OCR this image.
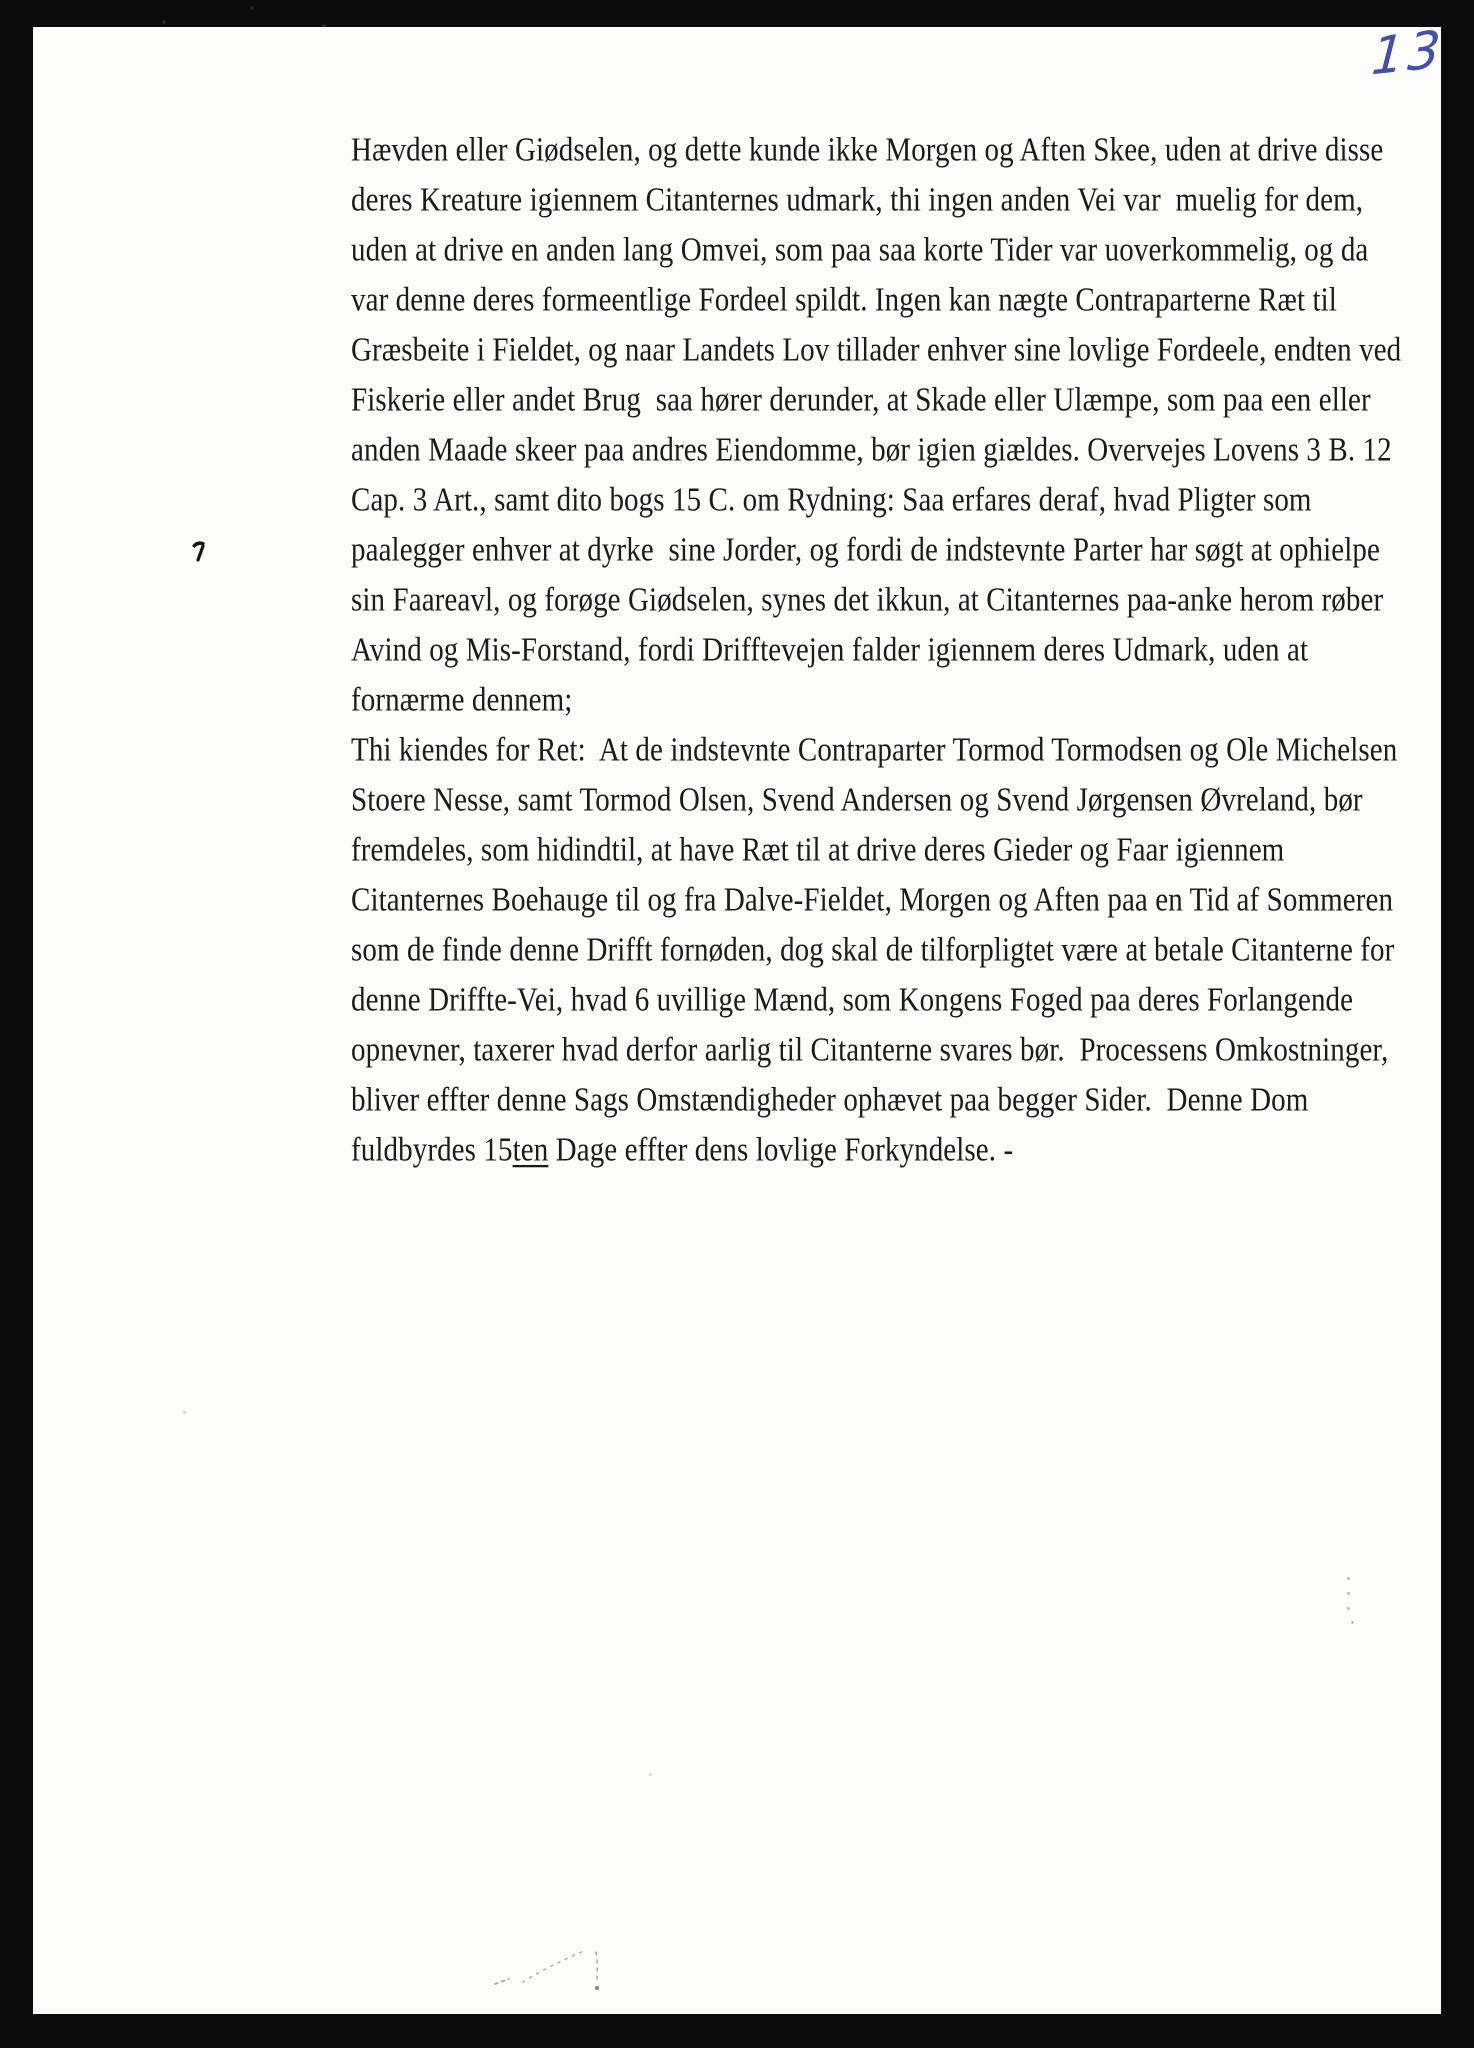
13
Hævden eller Giødselen, og dette kunde ikke Morgen og Aften Skee, uden at drive disse
deres Kreature igiennem Citanternes udmark, thi ingen anden Vei var  muelig for dem,
uden at drive en anden lang Omvei, som paa saa korte Tider var uoverkommelig, og da
var denne deres formeentlige Fordeel spildt. Ingen kan nægte Contraparterne Ræt til
Græsbeite i Fieldet, og naar Landets Lov tillader enhver sine lovlige Fordeele, endten ved
Fiskerie eller andet Brug  saa hører derunder, at Skade eller Ulæmpe, som paa een eller
anden Maade skeer paa andres Eiendomme, bør igien giældes. Overvejes Lovens 3 B. 12
Cap. 3 Art., samt dito bogs 15 C. om Rydning: Saa erfares deraf, hvad Pligter som
paalegger enhver at dyrke  sine Jorder, og fordi de indstevnte Parter har søgt at ophielpe
sin Faareavl, og forøge Giødselen, synes det ikkun, at Citanternes paa-anke herom røber
Avind og Mis-Forstand, fordi Drifftevejen falder igiennem deres Udmark, uden at
fornærme dennem;
Thi kiendes for Ret:  At de indstevnte Contraparter Tormod Tormodsen og Ole Michelsen
Stoere Nesse, samt Tormod Olsen, Svend Andersen og Svend Jørgensen Øvreland, bør
fremdeles, som hidindtil, at have Ræt til at drive deres Gieder og Faar igiennem
Citanternes Boehauge til og fra Dalve-Fieldet, Morgen og Aften paa en Tid af Sommeren
som de finde denne Drifft fornøden, dog skal de tilforpligtet være at betale Citanterne for
denne Driffte-Vei, hvad 6 uvillige Mænd, som Kongens Foged paa deres Forlangende
opnevner, taxerer hvad derfor aarlig til Citanterne svares bør.  Processens Omkostninger,
bliver effter denne Sags Omstændigheder ophævet paa begger Sider.  Denne Dom
fuldbyrdes 15ten Dage effter dens lovlige Forkyndelse. -
